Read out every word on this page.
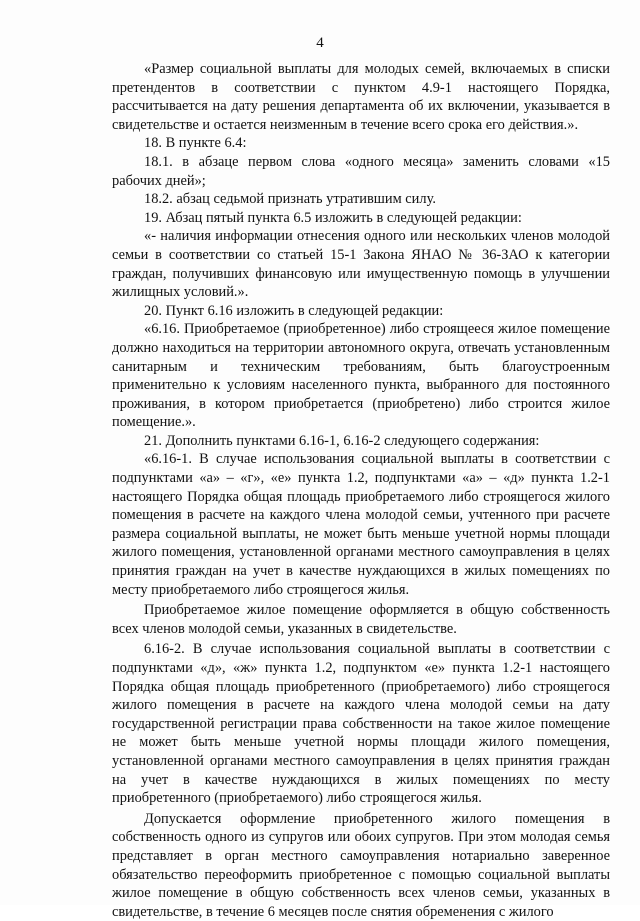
4

«Размер социальной выплаты для молодых семей, включаемых в списки претендентов в соответствии с пунктом 4.9-1 настоящего Порядка, рассчитывается на дату решения департамента об их включении, указывается в свидетельстве и остается неизменным в течение всего срока его действия.».

18. В пункте 6.4:

18.1. в абзаце первом слова «одного месяца» заменить словами «15 рабочих дней»;

18.2. абзац седьмой признать утратившим силу.

19. Абзац пятый пункта 6.5 изложить в следующей редакции:

«- наличия информации отнесения одного или нескольких членов молодой семьи в соответствии со статьей 15-1 Закона ЯНАО № 36-ЗАО к категории граждан, получивших финансовую или имущественную помощь в улучшении жилищных условий.».

20. Пункт 6.16 изложить в следующей редакции:

«6.16. Приобретаемое (приобретенное) либо строящееся жилое помещение должно находиться на территории автономного округа, отвечать установленным санитарным и техническим требованиям, быть благоустроенным применительно к условиям населенного пункта, выбранного для постоянного проживания, в котором приобретается (приобретено) либо строится жилое помещение.».

21. Дополнить пунктами 6.16-1, 6.16-2 следующего содержания:

«6.16-1. В случае использования социальной выплаты в соответствии с подпунктами «а» – «г», «е» пункта 1.2, подпунктами «а» – «д» пункта 1.2-1 настоящего Порядка общая площадь приобретаемого либо строящегося жилого помещения в расчете на каждого члена молодой семьи, учтенного при расчете размера социальной выплаты, не может быть меньше учетной нормы площади жилого помещения, установленной органами местного самоуправления в целях принятия граждан на учет в качестве нуждающихся в жилых помещениях по месту приобретаемого либо строящегося жилья.

Приобретаемое жилое помещение оформляется в общую собственность всех членов молодой семьи, указанных в свидетельстве.

6.16-2. В случае использования социальной выплаты в соответствии с подпунктами «д», «ж» пункта 1.2, подпунктом «е» пункта 1.2-1 настоящего Порядка общая площадь приобретенного (приобретаемого) либо строящегося жилого помещения в расчете на каждого члена молодой семьи на дату государственной регистрации права собственности на такое жилое помещение не может быть меньше учетной нормы площади жилого помещения, установленной органами местного самоуправления в целях принятия граждан на учет в качестве нуждающихся в жилых помещениях по месту приобретенного (приобретаемого) либо строящегося жилья.

Допускается оформление приобретенного жилого помещения в собственность одного из супругов или обоих супругов. При этом молодая семья представляет в орган местного самоуправления нотариально заверенное обязательство переоформить приобретенное с помощью социальной выплаты жилое помещение в общую собственность всех членов семьи, указанных в свидетельстве, в течение 6 месяцев после снятия обременения с жилого
